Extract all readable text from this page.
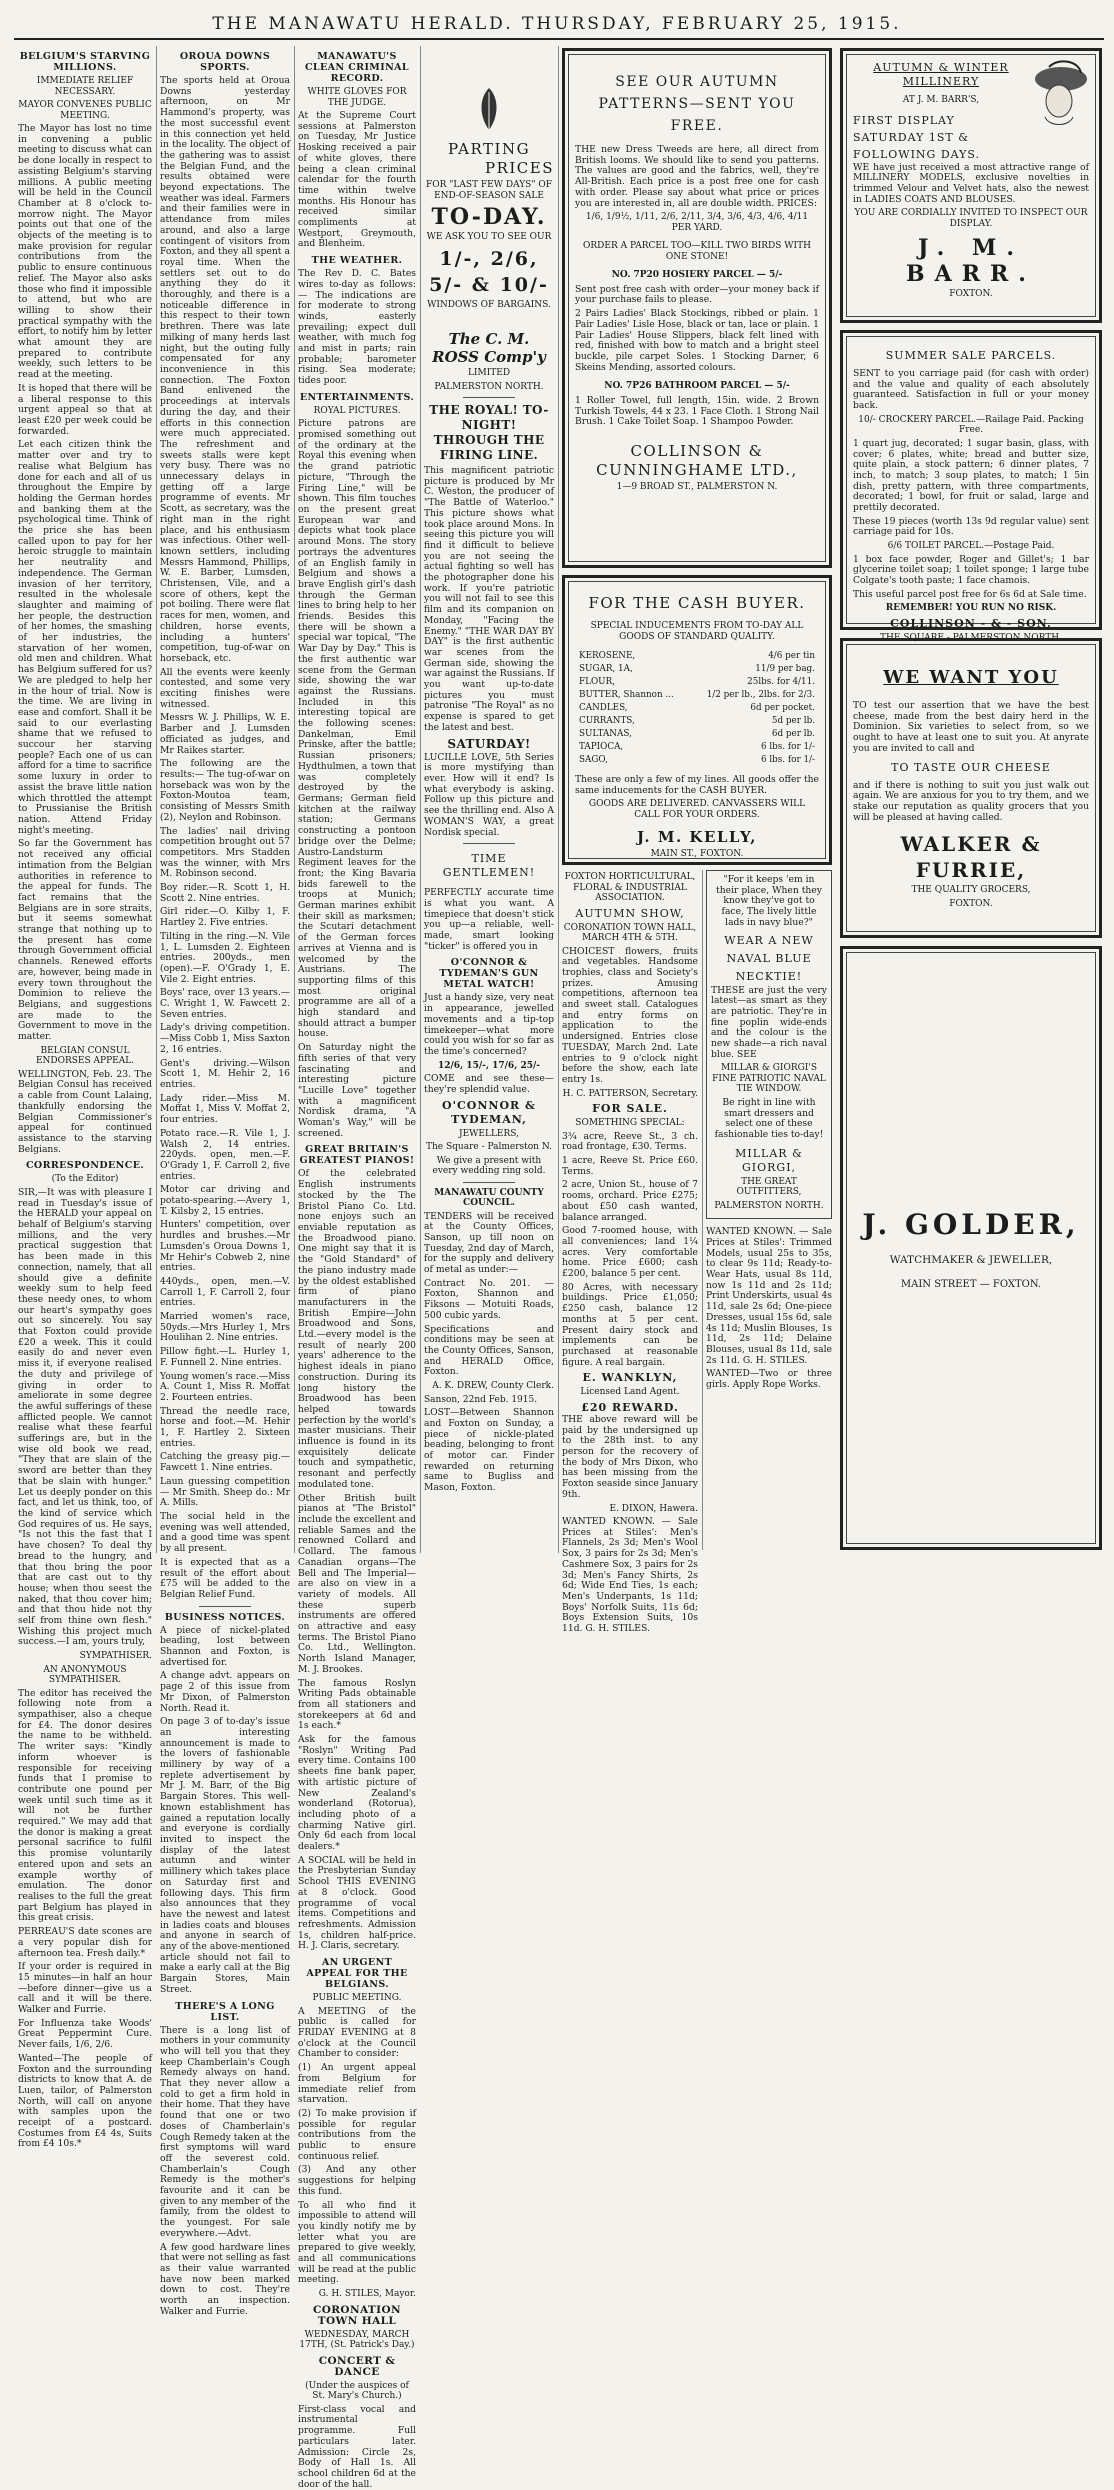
THE MANAWATU HERALD. THURSDAY, FEBRUARY 25, 1915.
BELGIUM'S STARVING MILLIONS.
IMMEDIATE RELIEF NECESSARY.
MAYOR CONVENES PUBLIC MEETING.

The Mayor has lost no time in convening a public meeting to discuss what can be done locally in respect to assisting Belgium's starving millions. A public meeting will be held in the Council Chamber at 8 o'clock to-morrow night. The Mayor points out that one of the objects of the meeting is to make provision for regular contributions from the public to ensure continuous relief. The Mayor also asks those who find it impossible to attend, but who are willing to show their practical sympathy with the effort, to notify him by letter what amount they are prepared to contribute weekly, such letters to be read at the meeting.

It is hoped that there will be a liberal response to this urgent appeal so that at least £20 per week could be forwarded.

Let each citizen think the matter over and try to realise what Belgium has done for each and all of us throughout the Empire by holding the German hordes and banking them at the psychological time. Think of the price she has been called upon to pay for her heroic struggle to maintain her neutrality and independence. The German invasion of her territory, resulted in the wholesale slaughter and maiming of her people, the destruction of her homes, the smashing of her industries, the starvation of her women, old men and children. What has Belgium suffered for us? We are pledged to help her in the hour of trial. Now is the time. We are living in ease and comfort. Shall it be said to our everlasting shame that we refused to succour her starving people? Each one of us can afford for a time to sacrifice some luxury in order to assist the brave little nation which throttled the attempt to Prussianise the British nation. Attend Friday night's meeting.

So far the Government has not received any official intimation from the Belgian authorities in reference to the appeal for funds. The fact remains that the Belgians are in sore straits, but it seems somewhat strange that nothing up to the present has come through Government official channels. Renewed efforts are, however, being made in every town throughout the Dominion to relieve the Belgians, and suggestions are made to the Government to move in the matter.

BELGIAN CONSUL ENDORSES APPEAL.

WELLINGTON, Feb. 23. The Belgian Consul has received a cable from Count Lalaing, thankfully endorsing the Belgian Commissioner's appeal for continued assistance to the starving Belgians.

CORRESPONDENCE.
(To the Editor)

SIR,—It was with pleasure I read in Tuesday's issue of the HERALD your appeal on behalf of Belgium's starving millions, and the very practical suggestion that has been made in this connection, namely, that all should give a definite weekly sum to help feed these needy ones, to whom our heart's sympathy goes out so sincerely. You say that Foxton could provide £20 a week. This it could easily do and never even miss it, if everyone realised the duty and privilege of giving in order to ameliorate in some degree the awful sufferings of these afflicted people. We cannot realise what these fearful sufferings are, but in the wise old book we read, "They that are slain of the sword are better than they that be slain with hunger." Let us deeply ponder on this fact, and let us think, too, of the kind of service which God requires of us. He says, "Is not this the fast that I have chosen? To deal thy bread to the hungry, and that thou bring the poor that are cast out to thy house; when thou seest the naked, that thou cover him; and that thou hide not thy self from thine own flesh." Wishing this project much success.—I am, yours truly,

SYMPATHISER.
AN ANONYMOUS SYMPATHISER.

The editor has received the following note from a sympathiser, also a cheque for £4. The donor desires the name to be withheld. The writer says: "Kindly inform whoever is responsible for receiving funds that I promise to contribute one pound per week until such time as it will not be further required." We may add that the donor is making a great personal sacrifice to fulfil this promise voluntarily entered upon and sets an example worthy of emulation. The donor realises to the full the great part Belgium has played in this great crisis.

PERREAU'S date scones are a very popular dish for afternoon tea. Fresh daily.*

If your order is required in 15 minutes—in half an hour—before dinner—give us a call and it will be there. Walker and Furrie.

For Influenza take Woods' Great Peppermint Cure. Never fails, 1/6, 2/6.

Wanted—The people of Foxton and the surrounding districts to know that A. de Luen, tailor, of Palmerston North, will call on anyone with samples upon the receipt of a postcard. Costumes from £4 4s, Suits from £4 10s.*

OROUA DOWNS SPORTS.

The sports held at Oroua Downs yesterday afternoon, on Mr Hammond's property, was the most successful event in this connection yet held in the locality. The object of the gathering was to assist the Belgian Fund, and the results obtained were beyond expectations. The weather was ideal. Farmers and their families were in attendance from miles around, and also a large contingent of visitors from Foxton, and they all spent a royal time. When the settlers set out to do anything they do it thoroughly, and there is a noticeable difference in this respect to their town brethren. There was late milking of many herds last night, but the outing fully compensated for any inconvenience in this connection. The Foxton Band enlivened the proceedings at intervals during the day, and their efforts in this connection were much appreciated. The refreshment and sweets stalls were kept very busy. There was no unnecessary delays in getting off a large programme of events. Mr Scott, as secretary, was the right man in the right place, and his enthusiasm was infectious. Other well-known settlers, including Messrs Hammond, Phillips, W. E. Barber, Lumsden, Christensen, Vile, and a score of others, kept the pot boiling. There were flat races for men, women, and children, horse events, including a hunters' competition, tug-of-war on horseback, etc.

All the events were keenly contested, and some very exciting finishes were witnessed.

Messrs W. J. Phillips, W. E. Barber and J. Lumsden officiated as judges, and Mr Raikes starter.

The following are the results:— The tug-of-war on horseback was won by the Foxton-Moutoa team, consisting of Messrs Smith (2), Neylon and Robinson.

The ladies' nail driving competition brought out 57 competitors. Mrs Stadden was the winner, with Mrs M. Robinson second.

Boy rider.—R. Scott 1, H. Scott 2. Nine entries.

Girl rider.—O. Kilby 1, F. Hartley 2. Five entries.

Tilting in the ring.—N. Vile 1, L. Lumsden 2. Eighteen entries. 200yds., men (open).—F. O'Grady 1, E. Vile 2. Eight entries.

Boys' race, over 13 years.—C. Wright 1, W. Fawcett 2. Seven entries.

Lady's driving competition.—Miss Cobb 1, Miss Saxton 2, 16 entries.

Gent's driving.—Wilson Scott 1, M. Hehir 2, 16 entries.

Lady rider.—Miss M. Moffat 1, Miss V. Moffat 2, four entries.

Potato race.—R. Vile 1, J. Walsh 2, 14 entries. 220yds. open, men.—F. O'Grady 1, F. Carroll 2, five entries.

Motor car driving and potato-spearing.—Avery 1, T. Kilsby 2, 15 entries.

Hunters' competition, over hurdles and brushes.—Mr Lumsden's Oroua Downs 1, Mr Hehir's Cobweb 2, nine entries.

440yds., open, men.—V. Carroll 1, F. Carroll 2, four entries.

Married women's race, 50yds.—Mrs Hurley 1, Mrs Houlihan 2. Nine entries.

Pillow fight.—L. Hurley 1, F. Funnell 2. Nine entries.

Young women's race.—Miss A. Count 1, Miss R. Moffat 2. Fourteen entries.

Thread the needle race, horse and foot.—M. Hehir 1, F. Hartley 2. Sixteen entries.

Catching the greasy pig.—Fawcett 1. Nine entries.

Laun guessing competition — Mr Smith. Sheep do.: Mr A. Mills.

The social held in the evening was well attended, and a good time was spent by all present.

It is expected that as a result of the effort about £75 will be added to the Belgian Relief Fund.

BUSINESS NOTICES.

A piece of nickel-plated beading, lost between Shannon and Foxton, is advertised for.

A change advt. appears on page 2 of this issue from Mr Dixon, of Palmerston North. Read it.

On page 3 of to-day's issue an interesting announcement is made to the lovers of fashionable millinery by way of a replete advertisement by Mr J. M. Barr, of the Big Bargain Stores. This well-known establishment has gained a reputation locally and everyone is cordially invited to inspect the display of the latest autumn and winter millinery which takes place on Saturday first and following days. This firm also announces that they have the newest and latest in ladies coats and blouses and anyone in search of any of the above-mentioned article should not fail to make a early call at the Big Bargain Stores, Main Street.

THERE'S A LONG LIST.

There is a long list of mothers in your community who will tell you that they keep Chamberlain's Cough Remedy always on hand. That they never allow a cold to get a firm hold in their home. That they have found that one or two doses of Chamberlain's Cough Remedy taken at the first symptoms will ward off the severest cold. Chamberlain's Cough Remedy is the mother's favourite and it can be given to any member of the family, from the oldest to the youngest. For sale everywhere.—Advt.

A few good hardware lines that were not selling as fast as their value warranted have now been marked down to cost. They're worth an inspection. Walker and Furrie.

MANAWATU'S CLEAN CRIMINAL RECORD.
WHITE GLOVES FOR THE JUDGE.

At the Supreme Court sessions at Palmerston on Tuesday, Mr Justice Hosking received a pair of white gloves, there being a clean criminal calendar for the fourth time within twelve months. His Honour has received similar compliments at Westport, Greymouth, and Blenheim.

THE WEATHER.

The Rev D. C. Bates wires to-day as follows:— The indications are for moderate to strong winds, easterly prevailing; expect dull weather, with much fog and mist in parts; rain probable; barometer rising. Sea moderate; tides poor.

ENTERTAINMENTS.
ROYAL PICTURES.

Picture patrons are promised something out of the ordinary at the Royal this evening when the grand patriotic picture, "Through the Firing Line," will be shown. This film touches on the present great European war and depicts what took place around Mons. The story portrays the adventures of an English family in Belgium and shows a brave English girl's dash through the German lines to bring help to her friends. Besides this there will be shown a special war topical, "The War Day by Day." This is the first authentic war scene from the German side, showing the war against the Russians. Included in this interesting topical are the following scenes: Dankelman, Emil Prinske, after the battle; Russian prisoners; Hydthulmen, a town that was completely destroyed by the Germans; German field kitchen at the railway station; Germans constructing a pontoon bridge over the Delme; Austro-Landsturm Regiment leaves for the front; the King Bavaria bids farewell to the troops at Munich; German marines exhibit their skill as marksmen; the Scutari detachment of the German forces arrives at Vienna and is welcomed by the Austrians. The supporting films of this most original programme are all of a high standard and should attract a bumper house.

On Saturday night the fifth series of that very fascinating and interesting picture "Lucille Love" together with a magnificent Nordisk drama, "A Woman's Way," will be screened.

GREAT BRITAIN'S GREATEST PIANOS!

Of the celebrated English instruments stocked by the The Bristol Piano Co. Ltd. none enjoys such an enviable reputation as the Broadwood piano. One might say that it is the "Gold Standard" of the piano industry made by the oldest established firm of piano manufacturers in the British Empire—John Broadwood and Sons, Ltd.—every model is the result of nearly 200 years' adherence to the highest ideals in piano construction. During its long history the Broadwood has been helped towards perfection by the world's master musicians. Their influence is found in its exquisitely delicate touch and sympathetic, resonant and perfectly modulated tone.

Other British built pianos at "The Bristol" include the excellent and reliable Sames and the renowned Collard and Collard. The famous Canadian organs—The Bell and The Imperial—are also on view in a variety of models. All these superb instruments are offered on attractive and easy terms. The Bristol Piano Co. Ltd., Wellington. North Island Manager, M. J. Brookes.

The famous Roslyn Writing Pads obtainable from all stationers and storekeepers at 6d and 1s each.*

Ask for the famous "Roslyn" Writing Pad every time. Contains 100 sheets fine bank paper, with artistic picture of New Zealand's wonderland (Rotorua), including photo of a charming Native girl. Only 6d each from local dealers.*

A SOCIAL will be held in the Presbyterian Sunday School THIS EVENING at 8 o'clock. Good programme of vocal items. Competitions and refreshments. Admission 1s, children half-price. H. J. Claris, secretary.

AN URGENT APPEAL FOR THE BELGIANS.
PUBLIC MEETING.

A MEETING of the public is called for FRIDAY EVENING at 8 o'clock at the Council Chamber to consider:

(1) An urgent appeal from Belgium for immediate relief from starvation.

(2) To make provision if possible for regular contributions from the public to ensure continuous relief.

(3) And any other suggestions for helping this fund.

To all who find it impossible to attend will you kindly notify me by letter what you are prepared to give weekly, and all communications will be read at the public meeting.

G. H. STILES, Mayor.
CORONATION TOWN HALL
WEDNESDAY, MARCH 17TH, (St. Patrick's Day.)
CONCERT & DANCE
(Under the auspices of St. Mary's Church.)

First-class vocal and instrumental programme. Full particulars later. Admission: Circle 2s, Body of Hall 1s. All school children 6d at the door of the hall.

PARTING
PRICES
FOR "LAST FEW DAYS" OF END-OF-SEASON SALE
TO-DAY.
WE ASK YOU TO SEE OUR
1/-, 2/6, 5/- & 10/-
WINDOWS OF BARGAINS.
The C. M. ROSS Comp'y
LIMITED
PALMERSTON NORTH.
THE ROYAL! TO-NIGHT! THROUGH THE FIRING LINE.

This magnificent patriotic picture is produced by Mr C. Weston, the producer of "The Battle of Waterloo." This picture shows what took place around Mons. In seeing this picture you will find it difficult to believe you are not seeing the actual fighting so well has the photographer done his work. If you're patriotic you will not fail to see this film and its companion on Monday, "Facing the Enemy." "THE WAR DAY BY DAY" is the first authentic war scenes from the German side, showing the war against the Russians. If you want up-to-date pictures you must patronise "The Royal" as no expense is spared to get the latest and best.

SATURDAY!

LUCILLE LOVE, 5th Series is more mystifying than ever. How will it end? Is what everybody is asking. Follow up this picture and see the thrilling end. Also A WOMAN'S WAY, a great Nordisk special.

TIME GENTLEMEN!

PERFECTLY accurate time is what you want. A timepiece that doesn't stick you up—a reliable, well-made, smart looking "ticker" is offered you in

O'CONNOR & TYDEMAN'S GUN METAL WATCH!

Just a handy size, very neat in appearance, jewelled movements and a tip-top timekeeper—what more could you wish for so far as the time's concerned?

12/6, 15/-, 17/6, 25/-

COME and see these—they're splendid value.

O'CONNOR & TYDEMAN,
JEWELLERS,
The Square - Palmerston N.
We give a present with every wedding ring sold.
MANAWATU COUNTY COUNCIL.

TENDERS will be received at the County Offices, Sanson, up till noon on Tuesday, 2nd day of March, for the supply and delivery of metal as under:—

Contract No. 201. — Foxton, Shannon and Fiksons — Motuiti Roads, 500 cubic yards.

Specifications and conditions may be seen at the County Offices, Sanson, and HERALD Office, Foxton.

A. K. DREW, County Clerk.
Sanson, 22nd Feb. 1915.

LOST—Between Shannon and Foxton on Sunday, a piece of nickle-plated beading, belonging to front of motor car. Finder rewarded on returning same to Bugliss and Mason, Foxton.

SEE OUR AUTUMN PATTERNS—SENT YOU FREE.

THE new Dress Tweeds are here, all direct from British looms. We should like to send you patterns. The values are good and the fabrics, well, they're All-British. Each price is a post free one for cash with order. Please say about what price or prices you are interested in, all are double width. PRICES:

1/6, 1/9½, 1/11, 2/6, 2/11, 3/4, 3/6, 4/3, 4/6, 4/11 PER YARD.
ORDER A PARCEL TOO—KILL TWO BIRDS WITH ONE STONE!
NO. 7P20 HOSIERY PARCEL — 5/-

Sent post free cash with order—your money back if your purchase fails to please.

2 Pairs Ladies' Black Stockings, ribbed or plain. 1 Pair Ladies' Lisle Hose, black or tan, lace or plain. 1 Pair Ladies' House Slippers, black felt lined with red, finished with bow to match and a bright steel buckle, pile carpet Soles. 1 Stocking Darner, 6 Skeins Mending, assorted colours.

NO. 7P26 BATHROOM PARCEL — 5/-

1 Roller Towel, full length, 15in. wide. 2 Brown Turkish Towels, 44 x 23. 1 Face Cloth. 1 Strong Nail Brush. 1 Cake Toilet Soap. 1 Shampoo Powder.

COLLINSON & CUNNINGHAME LTD.,
1—9 BROAD ST., PALMERSTON N.
FOR THE CASH BUYER.
SPECIAL INDUCEMENTS FROM TO-DAY ALL GOODS OF STANDARD QUALITY.
KEROSENE,	4/6 per tin
SUGAR, 1A,	11/9 per bag.
FLOUR,	25lbs. for 4/11.
BUTTER, Shannon ...	1/2 per lb., 2lbs. for 2/3.
CANDLES,	6d per pocket.
CURRANTS,	5d per lb.
SULTANAS,	6d per lb.
TAPIOCA,	6 lbs. for 1/-
SAGO,	6 lbs. for 1/-

These are only a few of my lines. All goods offer the same inducements for the CASH BUYER.

GOODS ARE DELIVERED. CANVASSERS WILL CALL FOR YOUR ORDERS.
J. M. KELLY,
MAIN ST., FOXTON.
FOXTON HORTICULTURAL, FLORAL & INDUSTRIAL ASSOCIATION.
AUTUMN SHOW,
CORONATION TOWN HALL, MARCH 4TH & 5TH.

CHOICEST flowers, fruits and vegetables. Handsome trophies, class and Society's prizes. Amusing competitions, afternoon tea and sweet stall. Catalogues and entry forms on application to the undersigned. Entries close TUESDAY, March 2nd. Late entries to 9 o'clock night before the show, each late entry 1s.

H. C. PATTERSON, Secretary.
FOR SALE.
SOMETHING SPECIAL:

3¾ acre, Reeve St., 3 ch. road frontage, £30. Terms.

1 acre, Reeve St. Price £60. Terms.

2 acre, Union St., house of 7 rooms, orchard. Price £275; about £50 cash wanted, balance arranged.

Good 7-roomed house, with all conveniences; land 1¼ acres. Very comfortable home. Price £600; cash £200, balance 5 per cent.

80 Acres, with necessary buildings. Price £1,050; £250 cash, balance 12 months at 5 per cent. Present dairy stock and implements can be purchased at reasonable figure. A real bargain.

E. WANKLYN,
Licensed Land Agent.
£20 REWARD.

THE above reward will be paid by the undersigned up to the 28th inst. to any person for the recovery of the body of Mrs Dixon, who has been missing from the Foxton seaside since January 9th.

E. DIXON, Hawera.

WANTED KNOWN. — Sale Prices at Stiles': Men's Flannels, 2s 3d; Men's Wool Sox, 3 pairs for 2s 3d; Men's Cashmere Sox, 3 pairs for 2s 3d; Men's Fancy Shirts, 2s 6d; Wide End Ties, 1s each; Men's Underpants, 1s 11d; Boys' Norfolk Suits, 11s 6d; Boys Extension Suits, 10s 11d. G. H. STILES.

"For it keeps 'em in their place, When they know they've got to face, The lively little lads in navy blue?"

WEAR A NEW NAVAL BLUE NECKTIE!

THESE are just the very latest—as smart as they are patriotic. They're in fine poplin wide-ends and the colour is the new shade—a rich naval blue. SEE

MILLAR & GIORGI'S FINE PATRIOTIC NAVAL TIE WINDOW.

Be right in line with smart dressers and select one of these fashionable ties to-day!

MILLAR & GIORGI,
THE GREAT OUTFITTERS,
PALMERSTON NORTH.

WANTED KNOWN. — Sale Prices at Stiles': Trimmed Models, usual 25s to 35s, to clear 9s 11d; Ready-to-Wear Hats, usual 8s 11d, now 1s 11d and 2s 11d; Print Underskirts, usual 4s 11d, sale 2s 6d; One-piece Dresses, usual 15s 6d, sale 4s 11d; Muslin Blouses, 1s 11d, 2s 11d; Delaine Blouses, usual 8s 11d, sale 2s 11d. G. H. STILES.

WANTED—Two or three girls. Apply Rope Works.

AUTUMN & WINTER
MILLINERY
AT J. M. BARR'S,
FIRST DISPLAY SATURDAY 1ST & FOLLOWING DAYS.

WE have just received a most attractive range of MILLINERY MODELS, exclusive novelties in trimmed Velour and Velvet hats, also the newest in LADIES COATS AND BLOUSES.

YOU ARE CORDIALLY INVITED TO INSPECT OUR DISPLAY.
J. M. BARR.
FOXTON.
SUMMER SALE PARCELS.

SENT to you carriage paid (for cash with order) and the value and quality of each absolutely guaranteed. Satisfaction in full or your money back.

10/- CROCKERY PARCEL.—Railage Paid. Packing Free.

1 quart jug, decorated; 1 sugar basin, glass, with cover; 6 plates, white; bread and butter size, quite plain, a stock pattern; 6 dinner plates, 7 inch, to match; 3 soup plates, to match; 1 5in dish, pretty pattern, with three compartments, decorated; 1 bowl, for fruit or salad, large and prettily decorated.

These 19 pieces (worth 13s 9d regular value) sent carriage paid for 10s.

6/6 TOILET PARCEL.—Postage Paid.

1 box face powder, Roger and Gillet's; 1 bar glycerine toilet soap; 1 toilet sponge; 1 large tube Colgate's tooth paste; 1 face chamois.

This useful parcel post free for 6s 6d at Sale time.

REMEMBER! YOU RUN NO RISK.
COLLINSON - & - SON,
THE SQUARE - PALMERSTON NORTH.
WE WANT YOU

TO test our assertion that we have the best cheese, made from the best dairy herd in the Dominion. Six varieties to select from, so we ought to have at least one to suit you. At anyrate you are invited to call and

TO TASTE OUR CHEESE

and if there is nothing to suit you just walk out again. We are anxious for you to try them, and we stake our reputation as quality grocers that you will be pleased at having called.

WALKER & FURRIE,
THE QUALITY GROCERS,
FOXTON.
J. GOLDER,
WATCHMAKER & JEWELLER,
MAIN STREET — FOXTON.
